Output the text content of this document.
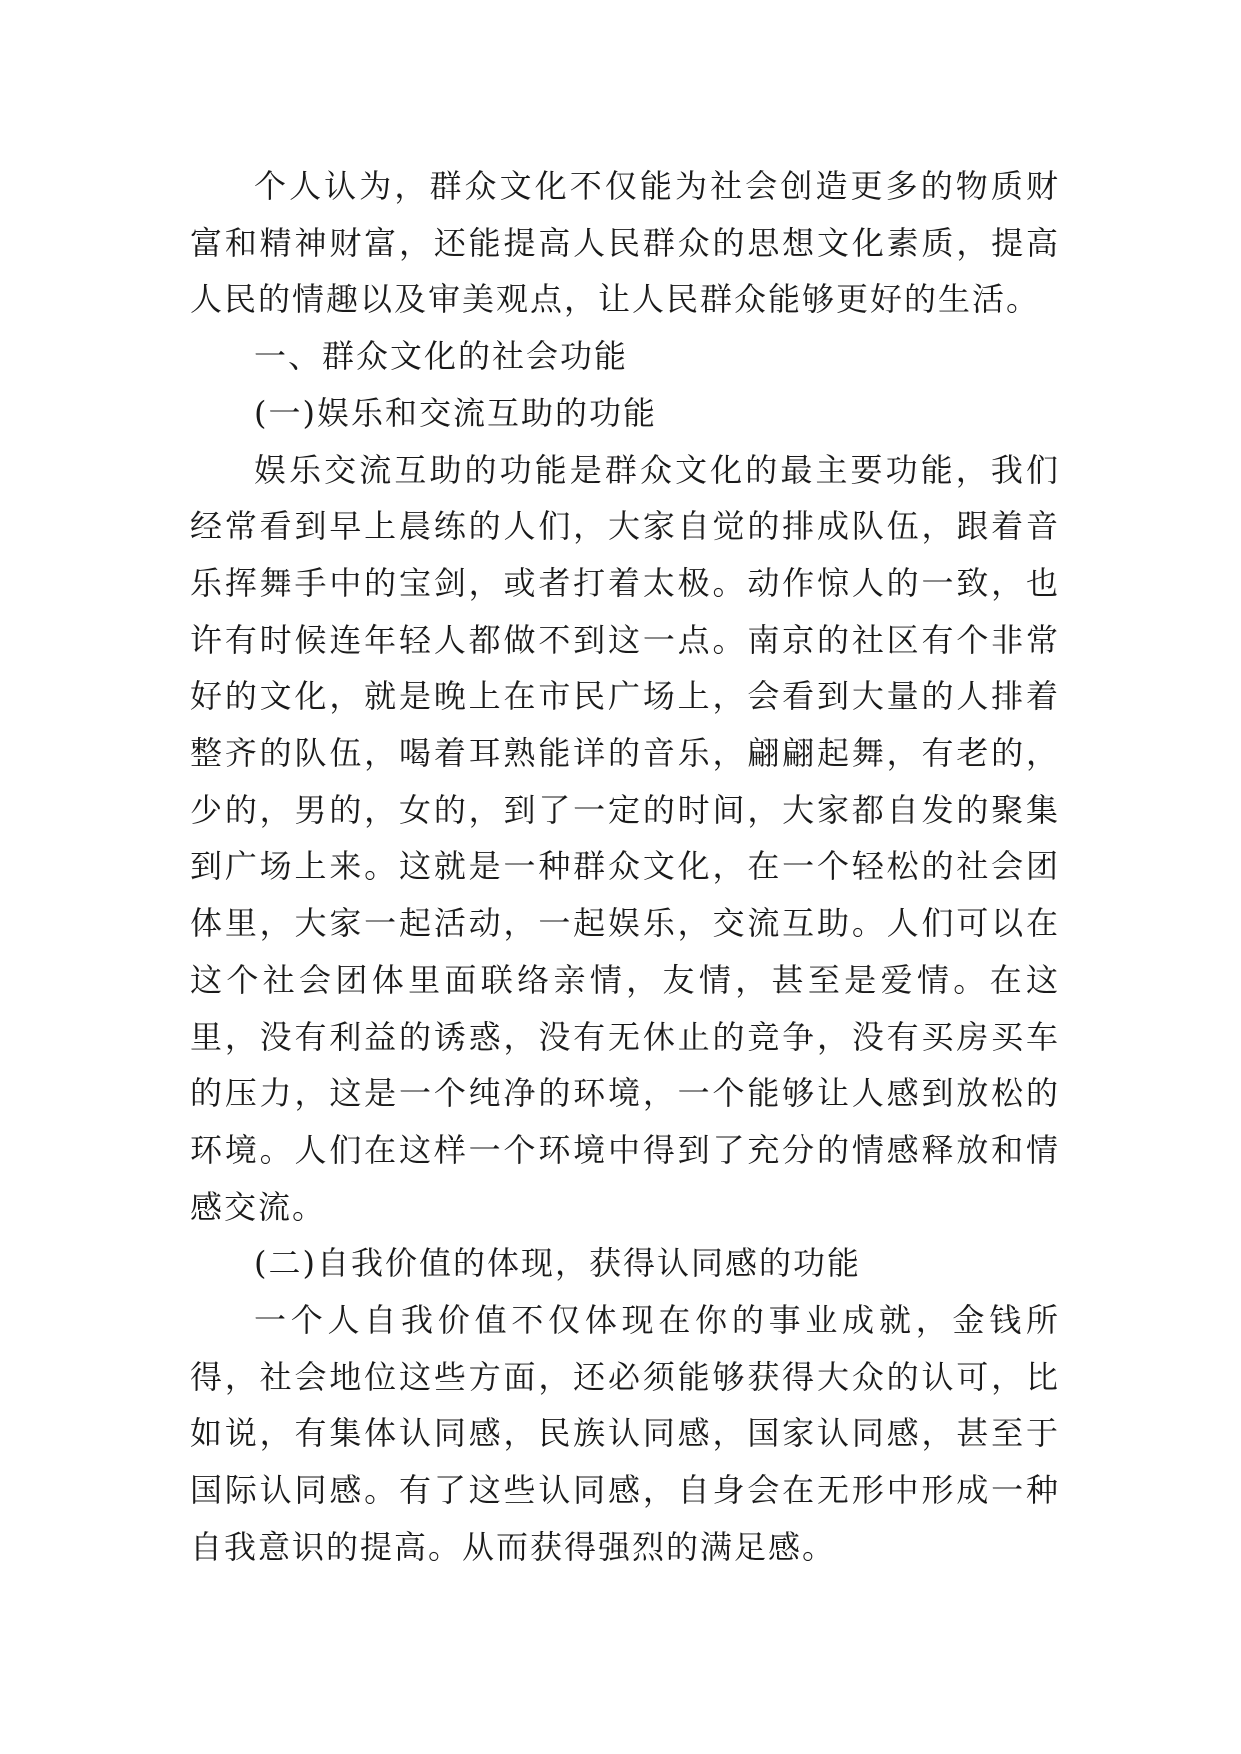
个人认为，群众文化不仅能为社会创造更多的物质财富和精神财富，还能提高人民群众的思想文化素质，提高人民的情趣以及审美观点，让人民群众能够更好的生活。

一、群众文化的社会功能

(一)娱乐和交流互助的功能

娱乐交流互助的功能是群众文化的最主要功能，我们经常看到早上晨练的人们，大家自觉的排成队伍，跟着音乐挥舞手中的宝剑，或者打着太极。动作惊人的一致，也许有时候连年轻人都做不到这一点。南京的社区有个非常好的文化，就是晚上在市民广场上，会看到大量的人排着整齐的队伍，喝着耳熟能详的音乐，翩翩起舞，有老的，少的，男的，女的，到了一定的时间，大家都自发的聚集到广场上来。这就是一种群众文化，在一个轻松的社会团体里，大家一起活动，一起娱乐，交流互助。人们可以在这个社会团体里面联络亲情，友情，甚至是爱情。在这里，没有利益的诱惑，没有无休止的竞争，没有买房买车的压力，这是一个纯净的环境，一个能够让人感到放松的环境。人们在这样一个环境中得到了充分的情感释放和情感交流。

(二)自我价值的体现，获得认同感的功能

一个人自我价值不仅体现在你的事业成就，金钱所得，社会地位这些方面，还必须能够获得大众的认可，比如说，有集体认同感，民族认同感，国家认同感，甚至于国际认同感。有了这些认同感，自身会在无形中形成一种自我意识的提高。从而获得强烈的满足感。
